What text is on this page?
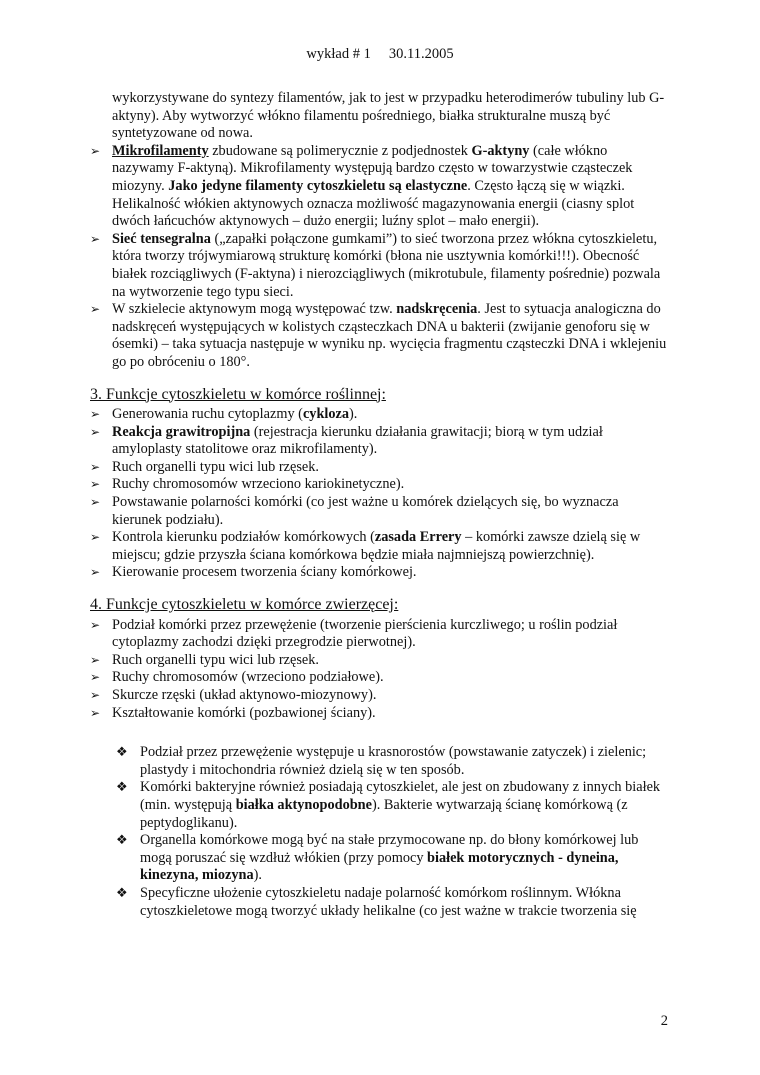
wykład # 1 30.11.2005

wykorzystywane do syntezy filamentów, jak to jest w przypadku heterodimerów tubuliny lub G-aktyny). Aby wytworzyć włókno filamentu pośredniego, białka strukturalne muszą być syntetyzowane od nowa.

➢ Mikrofilamenty zbudowane są polimerycznie z podjednostek G-aktyny (całe włókno nazywamy F-aktyną). Mikrofilamenty występują bardzo często w towarzystwie cząsteczek miozyny. Jako jedyne filamenty cytoszkieletu są elastyczne. Często łączą się w wiązki. Helikalność włókien aktynowych oznacza możliwość magazynowania energii (ciasny splot dwóch łańcuchów aktynowych – dużo energii; luźny splot – mało energii).
➢ Sieć tensegralna („zapałki połączone gumkami”) to sieć tworzona przez włókna cytoszkieletu, która tworzy trójwymiarową strukturę komórki (błona nie usztywnia komórki!!!). Obecność białek rozciągliwych (F-aktyna) i nierozciągliwych (mikrotubule, filamenty pośrednie) pozwala na wytworzenie tego typu sieci.
➢ W szkielecie aktynowym mogą występować tzw. nadskręcenia. Jest to sytuacja analogiczna do nadskręceń występujących w kolistych cząsteczkach DNA u bakterii (zwijanie genoforu się w ósemki) – taka sytuacja następuje w wyniku np. wycięcia fragmentu cząsteczki DNA i wklejeniu go po obróceniu o 180°.
3. Funkcje cytoszkieletu w komórce roślinnej:
➢ Generowania ruchu cytoplazmy (cykloza).
➢ Reakcja grawitropijna (rejestracja kierunku działania grawitacji; biorą w tym udział amyloplasty statolitowe oraz mikrofilamenty).
➢ Ruch organelli typu wici lub rzęsek.
➢ Ruchy chromosomów wrzeciono kariokinetyczne).
➢ Powstawanie polarności komórki (co jest ważne u komórek dzielących się, bo wyznacza kierunek podziału).
➢ Kontrola kierunku podziałów komórkowych (zasada Errery – komórki zawsze dzielą się w miejscu; gdzie przyszła ściana komórkowa będzie miała najmniejszą powierzchnię).
➢ Kierowanie procesem tworzenia ściany komórkowej.
4. Funkcje cytoszkieletu w komórce zwierzęcej:
➢ Podział komórki przez przewężenie (tworzenie pierścienia kurczliwego; u roślin podział cytoplazmy zachodzi dzięki przegrodzie pierwotnej).
➢ Ruch organelli typu wici lub rzęsek.
➢ Ruchy chromosomów (wrzeciono podziałowe).
➢ Skurcze rzęski (układ aktynowo-miozynowy).
➢ Kształtowanie komórki (pozbawionej ściany).
❖ Podział przez przewężenie występuje u krasnorostów (powstawanie zatyczek) i zielenic; plastydy i mitochondria również dzielą się w ten sposób.
❖ Komórki bakteryjne również posiadają cytoszkielet, ale jest on zbudowany z innych białek (min. występują białka aktynopodobne). Bakterie wytwarzają ścianę komórkową (z peptydoglikanu).
❖ Organella komórkowe mogą być na stałe przymocowane np. do błony komórkowej lub mogą poruszać się wzdłuż włókien (przy pomocy białek motorycznych - dyneina, kinezyna, miozyna).
❖ Specyficzne ułożenie cytoszkieletu nadaje polarność komórkom roślinnym. Włókna cytoszkieletowe mogą tworzyć układy helikalne (co jest ważne w trakcie tworzenia się
2
